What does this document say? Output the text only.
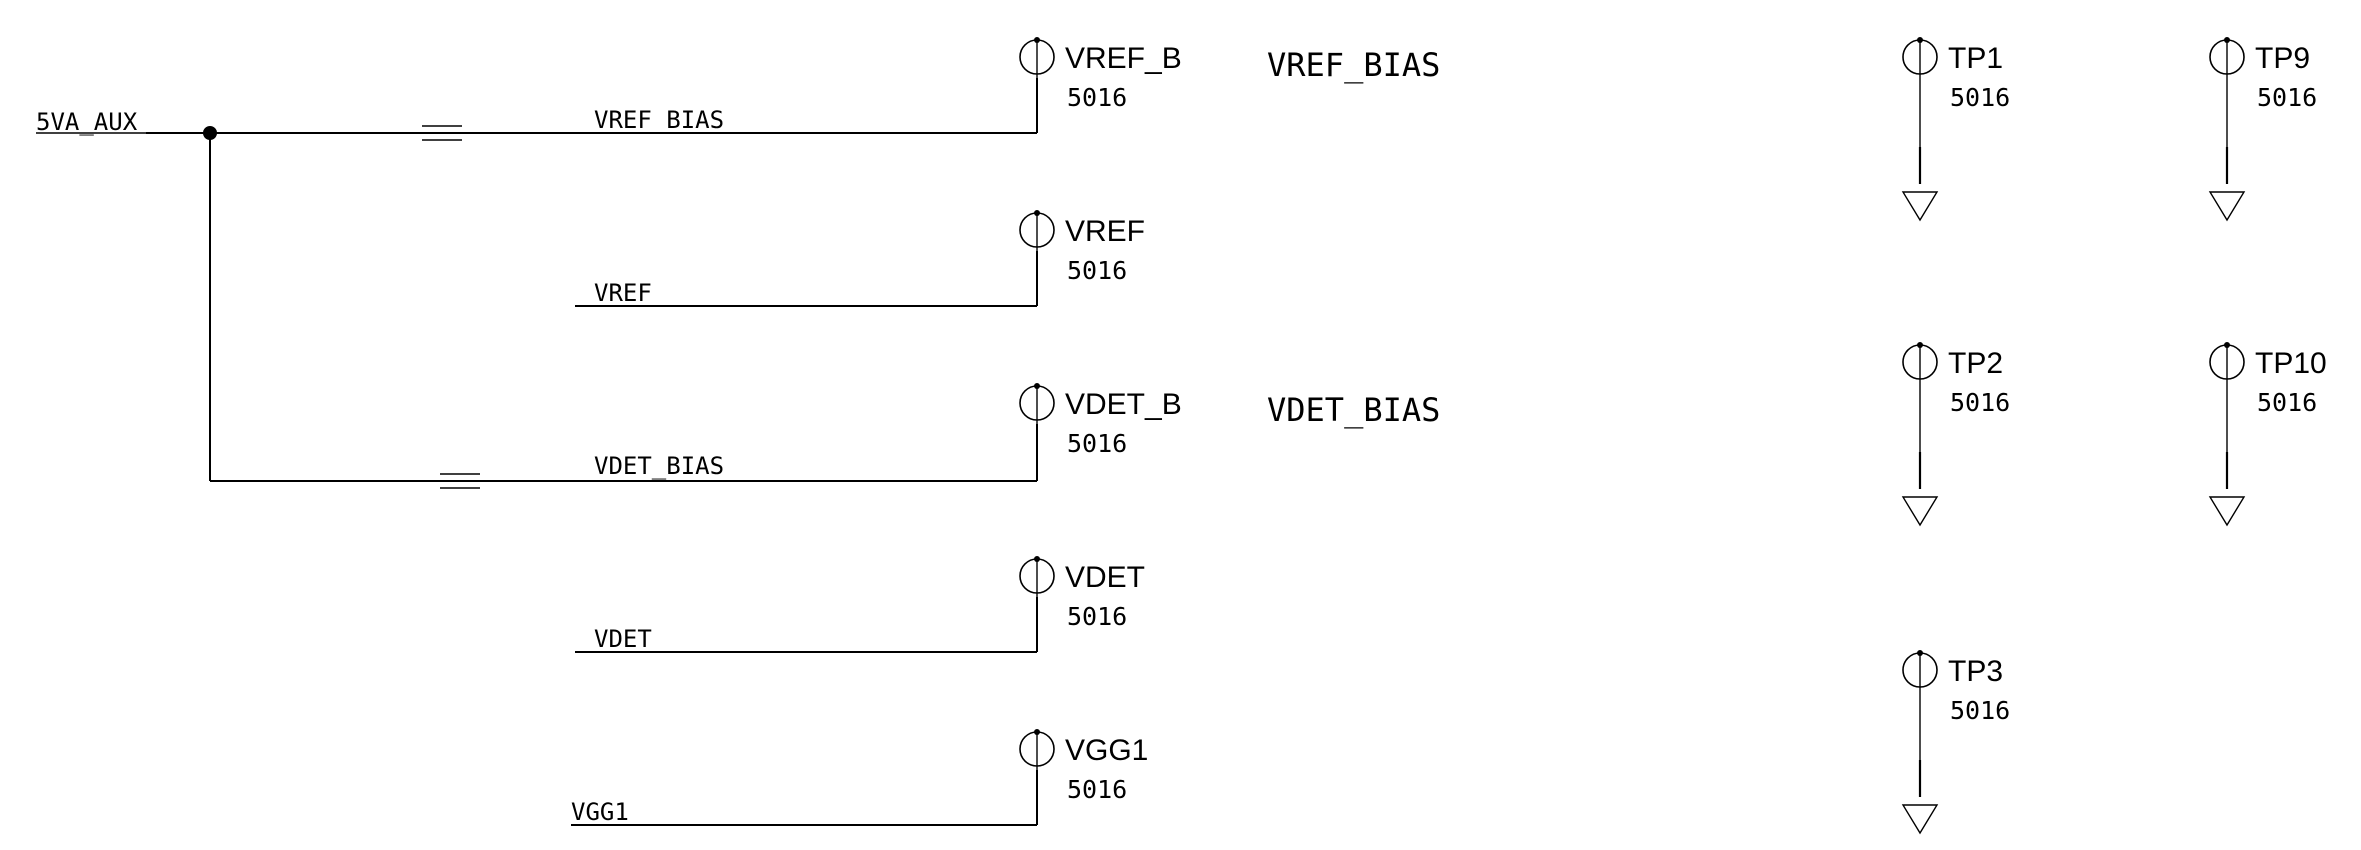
5VA_AUX	VREF_BIAS
VREF_B
5016
VREF
VREF
5016
VDET_BIAS
VDET_B
5016
VDET
VDET
5016
VGG1
VGG1
5016
VREF_BIAS
VDET_BIAS
TP1
5016
TP9
5016
TP2
5016
TP10
5016
TP3
5016
